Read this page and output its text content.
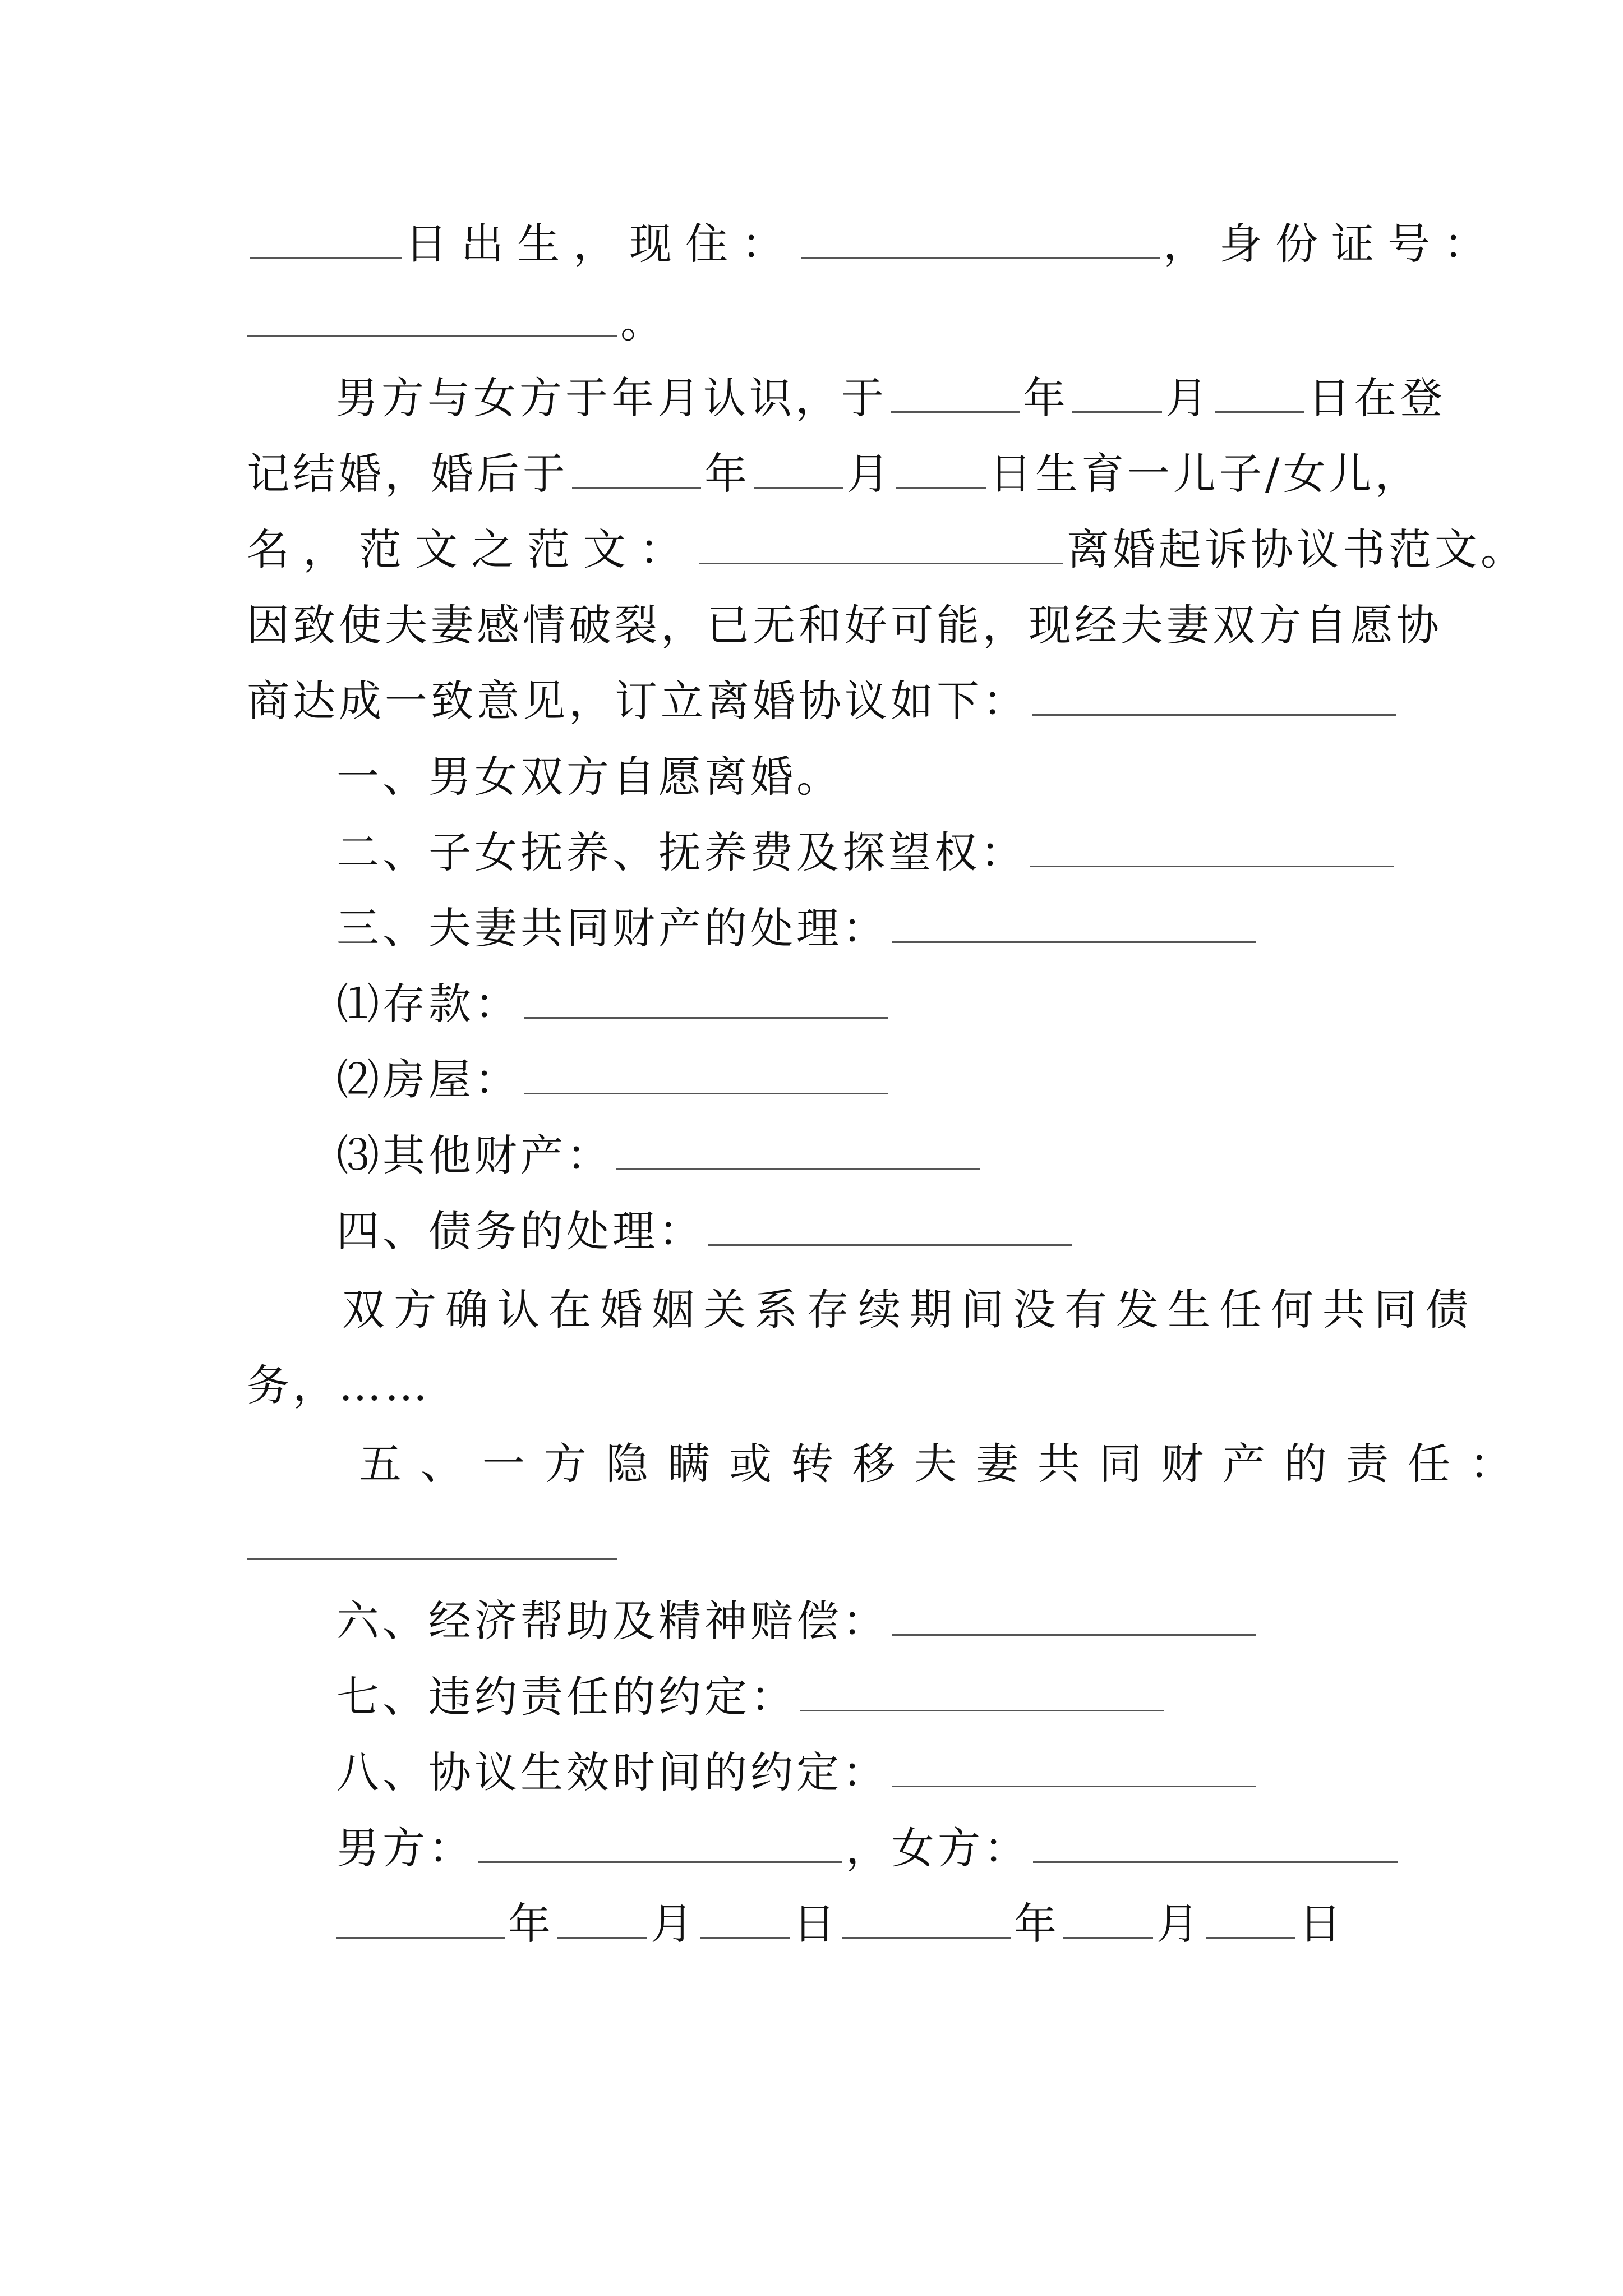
日出生，现住：	，身份证号：
。
男方与女方于年月认识，于	年 月 日在登
记结婚，婚后于	年 月 日生育一儿子/女儿，
名，范文之范文：	离婚起诉协议书范文。
因致使夫妻感情破裂，已无和好可能，现经夫妻双方自愿协
商达成一致意见，订立离婚协议如下：
一、男女双方自愿离婚。
二、子女抚养、抚养费及探望权：
三、夫妻共同财产的处理：
⑴存款：
⑵房屋：
⑶其他财产：
四、债务的处理：
双方确认在婚姻关系存续期间没有发生任何共同债
务，……
五、一方隐瞒或转移夫妻共同财产的责任：
六、经济帮助及精神赔偿：
七、违约责任的约定：
八、协议生效时间的约定：
男方：	，女方：
年 月 日	年 月 日
